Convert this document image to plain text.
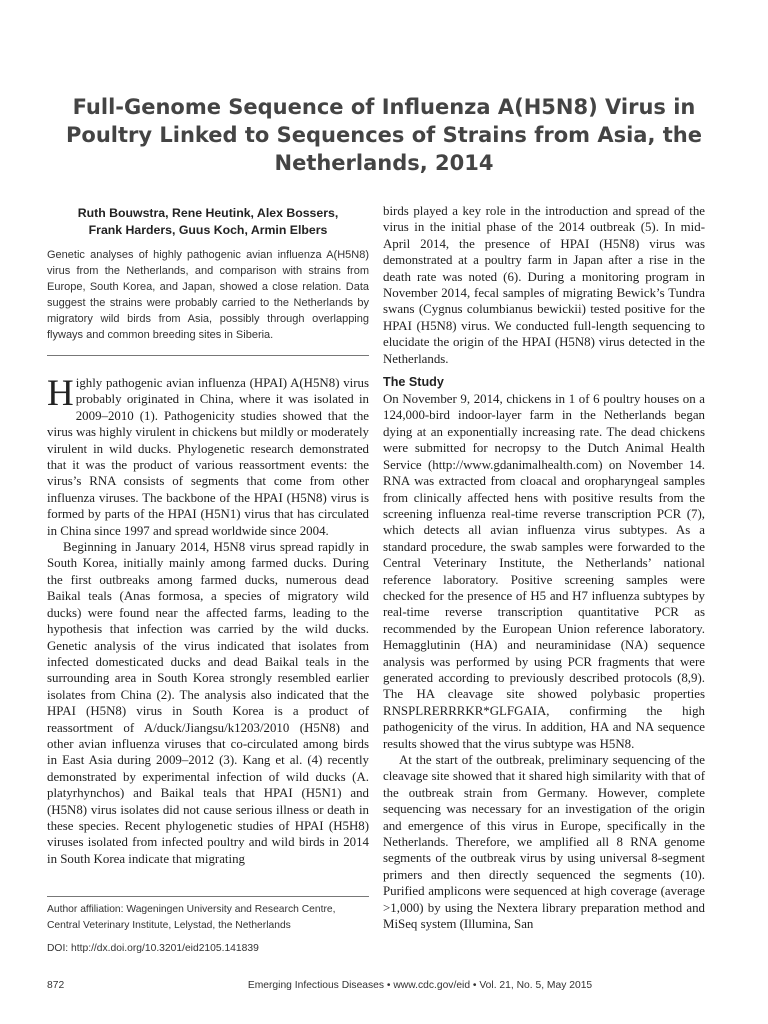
Full-Genome Sequence of Influenza A(H5N8) Virus in Poultry Linked to Sequences of Strains from Asia, the Netherlands, 2014
Ruth Bouwstra, Rene Heutink, Alex Bossers,
Frank Harders, Guus Koch, Armin Elbers

Genetic analyses of highly pathogenic avian influenza A(H5N8) virus from the Netherlands, and comparison with strains from Europe, South Korea, and Japan, showed a close relation. Data suggest the strains were probably carried to the Netherlands by migratory wild birds from Asia, possibly through overlapping flyways and common breeding sites in Siberia.

Highly pathogenic avian influenza (HPAI) A(H5N8) virus probably originated in China, where it was isolated in 2009–2010 (1). Pathogenicity studies showed that the virus was highly virulent in chickens but mildly or moderately virulent in wild ducks. Phylogenetic research demonstrated that it was the product of various reassortment events: the virus’s RNA consists of segments that come from other influenza viruses. The backbone of the HPAI (H5N8) virus is formed by parts of the HPAI (H5N1) virus that has circulated in China since 1997 and spread worldwide since 2004.

Beginning in January 2014, H5N8 virus spread rapidly in South Korea, initially mainly among farmed ducks. During the first outbreaks among farmed ducks, numerous dead Baikal teals (Anas formosa, a species of migratory wild ducks) were found near the affected farms, leading to the hypothesis that infection was carried by the wild ducks. Genetic analysis of the virus indicated that isolates from infected domesticated ducks and dead Baikal teals in the surrounding area in South Korea strongly resembled earlier isolates from China (2). The analysis also indicated that the HPAI (H5N8) virus in South Korea is a product of reassortment of A/duck/Jiangsu/k1203/2010 (H5N8) and other avian influenza viruses that co-circulated among birds in East Asia during 2009–2012 (3). Kang et al. (4) recently demonstrated by experimental infection of wild ducks (A. platyrhynchos) and Baikal teals that HPAI (H5N1) and (H5N8) virus isolates did not cause serious illness or death in these species. Recent phylogenetic studies of HPAI (H5H8) viruses isolated from infected poultry and wild birds in 2014 in South Korea indicate that migrating

birds played a key role in the introduction and spread of the virus in the initial phase of the 2014 outbreak (5). In mid-April 2014, the presence of HPAI (H5N8) virus was demonstrated at a poultry farm in Japan after a rise in the death rate was noted (6). During a monitoring program in November 2014, fecal samples of migrating Bewick’s Tundra swans (Cygnus columbianus bewickii) tested positive for the HPAI (H5N8) virus. We conducted full-length sequencing to elucidate the origin of the HPAI (H5N8) virus detected in the Netherlands.

The Study

On November 9, 2014, chickens in 1 of 6 poultry houses on a 124,000-bird indoor-layer farm in the Netherlands began dying at an exponentially increasing rate. The dead chickens were submitted for necropsy to the Dutch Animal Health Service (http://www.gdanimalhealth.com) on November 14. RNA was extracted from cloacal and oropharyngeal samples from clinically affected hens with positive results from the screening influenza real-time reverse transcription PCR (7), which detects all avian influenza virus subtypes. As a standard procedure, the swab samples were forwarded to the Central Veterinary Institute, the Netherlands’ national reference laboratory. Positive screening samples were checked for the presence of H5 and H7 influenza subtypes by real-time reverse transcription quantitative PCR as recommended by the European Union reference laboratory. Hemagglutinin (HA) and neuraminidase (NA) sequence analysis was performed by using PCR fragments that were generated according to previously described protocols (8,9). The HA cleavage site showed polybasic properties RNSPLRERRRKR*GLFGAIA, confirming the high pathogenicity of the virus. In addition, HA and NA sequence results showed that the virus subtype was H5N8.

At the start of the outbreak, preliminary sequencing of the cleavage site showed that it shared high similarity with that of the outbreak strain from Germany. However, complete sequencing was necessary for an investigation of the origin and emergence of this virus in Europe, specifically in the Netherlands. Therefore, we amplified all 8 RNA genome segments of the outbreak virus by using universal 8-segment primers and then directly sequenced the segments (10). Purified amplicons were sequenced at high coverage (average >1,000) by using the Nextera library preparation method and MiSeq system (Illumina, San

Author affiliation: Wageningen University and Research Centre,
Central Veterinary Institute, Lelystad, the Netherlands

DOI: http://dx.doi.org/10.3201/eid2105.141839

872	Emerging Infectious Diseases • www.cdc.gov/eid • Vol. 21, No. 5, May 2015
